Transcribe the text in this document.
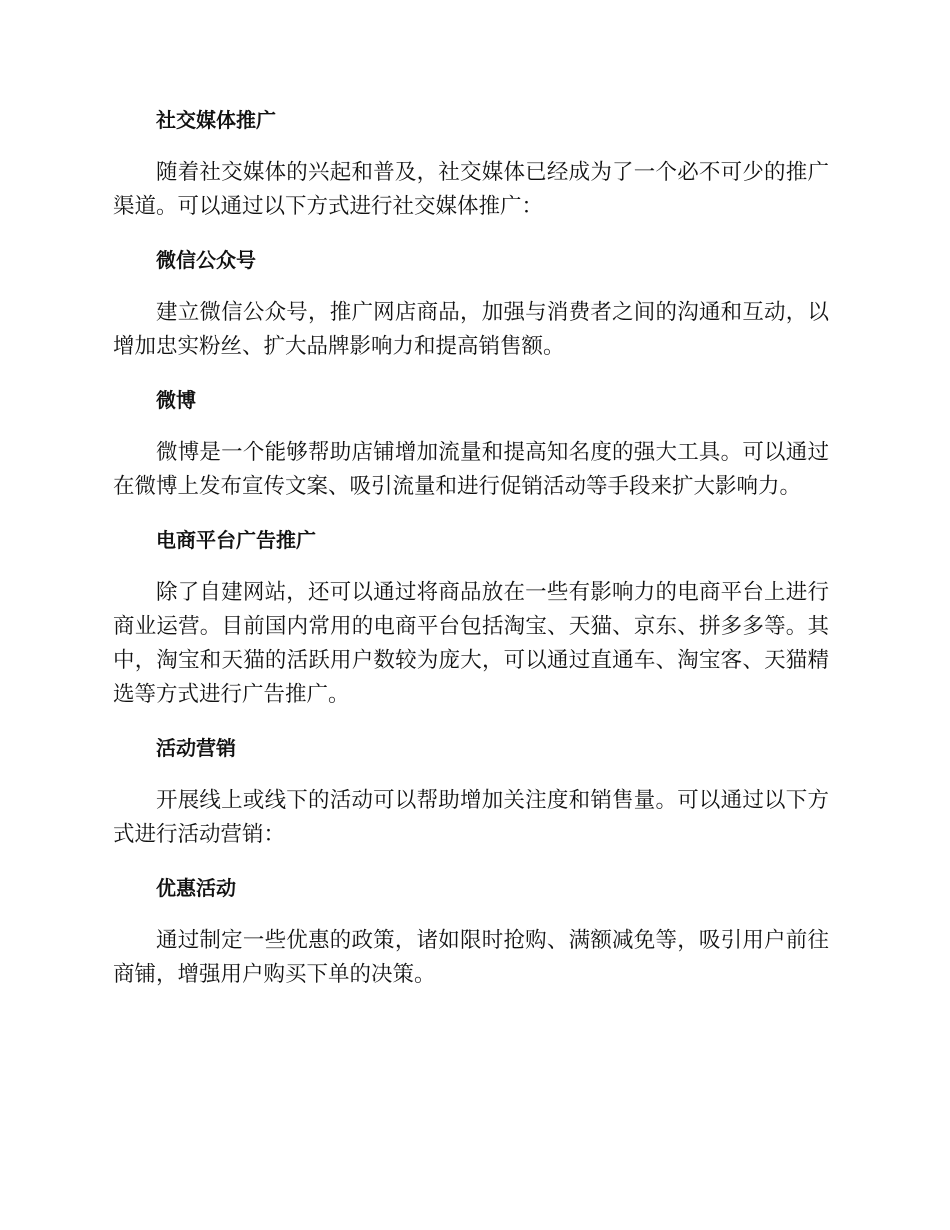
社交媒体推广

随着社交媒体的兴起和普及，社交媒体已经成为了一个必不可少的推广渠道。可以通过以下方式进行社交媒体推广：

微信公众号

建立微信公众号，推广网店商品，加强与消费者之间的沟通和互动，以增加忠实粉丝、扩大品牌影响力和提高销售额。

微博

微博是一个能够帮助店铺增加流量和提高知名度的强大工具。可以通过在微博上发布宣传文案、吸引流量和进行促销活动等手段来扩大影响力。

电商平台广告推广

除了自建网站，还可以通过将商品放在一些有影响力的电商平台上进行商业运营。目前国内常用的电商平台包括淘宝、天猫、京东、拼多多等。其中，淘宝和天猫的活跃用户数较为庞大，可以通过直通车、淘宝客、天猫精选等方式进行广告推广。

活动营销

开展线上或线下的活动可以帮助增加关注度和销售量。可以通过以下方式进行活动营销：

优惠活动

通过制定一些优惠的政策，诸如限时抢购、满额减免等，吸引用户前往商铺，增强用户购买下单的决策。
